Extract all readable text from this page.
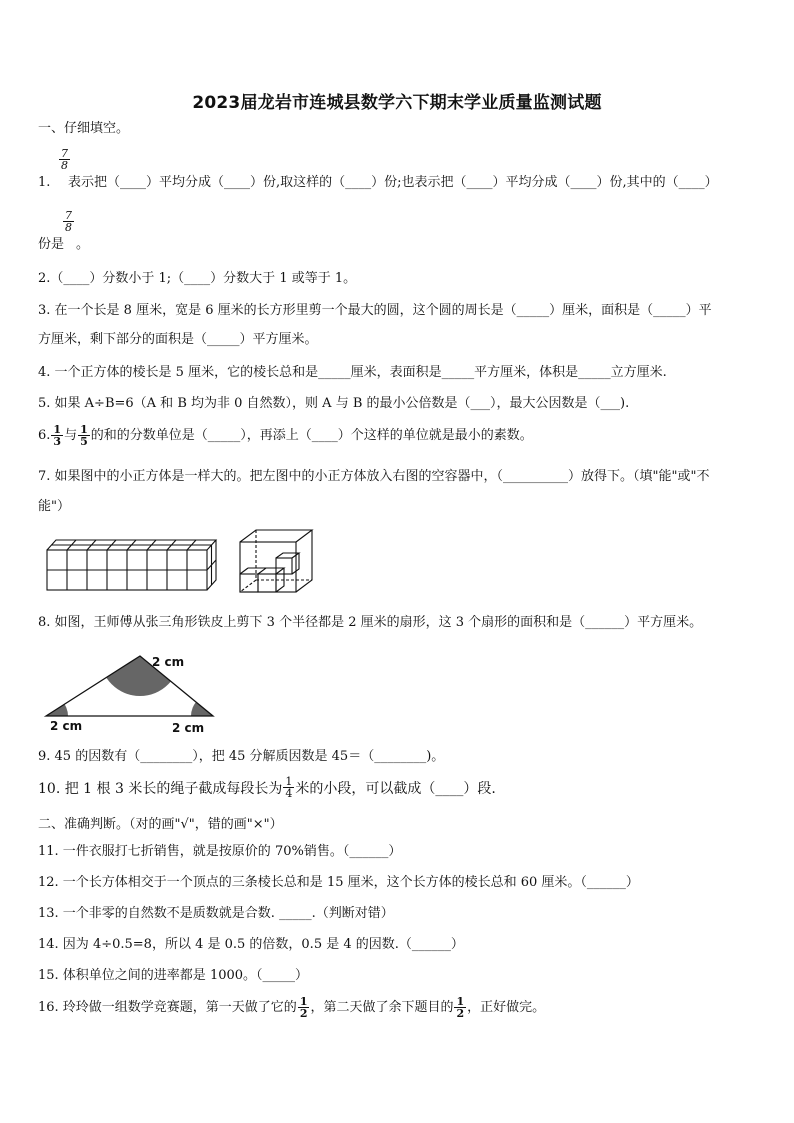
2023届龙岩市连城县数学六下期末学业质量监测试题
一、仔细填空。
$\frac{7}{8}$
1. 表示把（____）平均分成（____）份,取这样的（____）份;也表示把（____）平均分成（____）份,其中的（____）
$\frac{7}{8}$
份是 。
2.（____）分数小于 1;（____）分数大于 1 或等于 1。
3. 在一个长是 8 厘米，宽是 6 厘米的长方形里剪一个最大的圆，这个圆的周长是（_____）厘米，面积是（_____）平
方厘米，剩下部分的面积是（_____）平方厘米。
4. 一个正方体的棱长是 5 厘米，它的棱长总和是_____厘米，表面积是_____平方厘米，体积是_____立方厘米.
5. 如果 A÷B=6（A 和 B 均为非 0 自然数），则 A 与 B 的最小公倍数是（___），最大公因数是（___).
6. $\frac{1}{3}$ 与 $\frac{1}{5}$ 的和的分数单位是（_____），再添上（____）个这样的单位就是最小的素数。
7. 如果图中的小正方体是一样大的。把左图中的小正方体放入右图的空容器中，（__________）放得下。（填"能"或"不
能"）
8. 如图，王师傅从张三角形铁皮上剪下 3 个半径都是 2 厘米的扇形，这 3 个扇形的面积和是（______）平方厘米。
2 cm
2 cm	2 cm
9. 45 的因数有（________），把 45 分解质因数是 45＝（________)。
10. 把 1 根 3 米长的绳子截成每段长为 $\frac{1}{4}$ 米的小段，可以截成（____）段.
二、准确判断。（对的画"√"，错的画"×"）
11. 一件衣服打七折销售，就是按原价的 70%销售。（______）
12. 一个长方体相交于一个顶点的三条棱长总和是 15 厘米，这个长方体的棱长总和 60 厘米。（______）
13. 一个非零的自然数不是质数就是合数. _____.（判断对错）
14. 因为 4÷0.5=8，所以 4 是 0.5 的倍数，0.5 是 4 的因数.（______）
15. 体积单位之间的进率都是 1000。（_____）
16. 玲玲做一组数学竞赛题，第一天做了它的 $\frac{1}{2}$ ，第二天做了余下题目的 $\frac{1}{2}$ ，正好做完。
